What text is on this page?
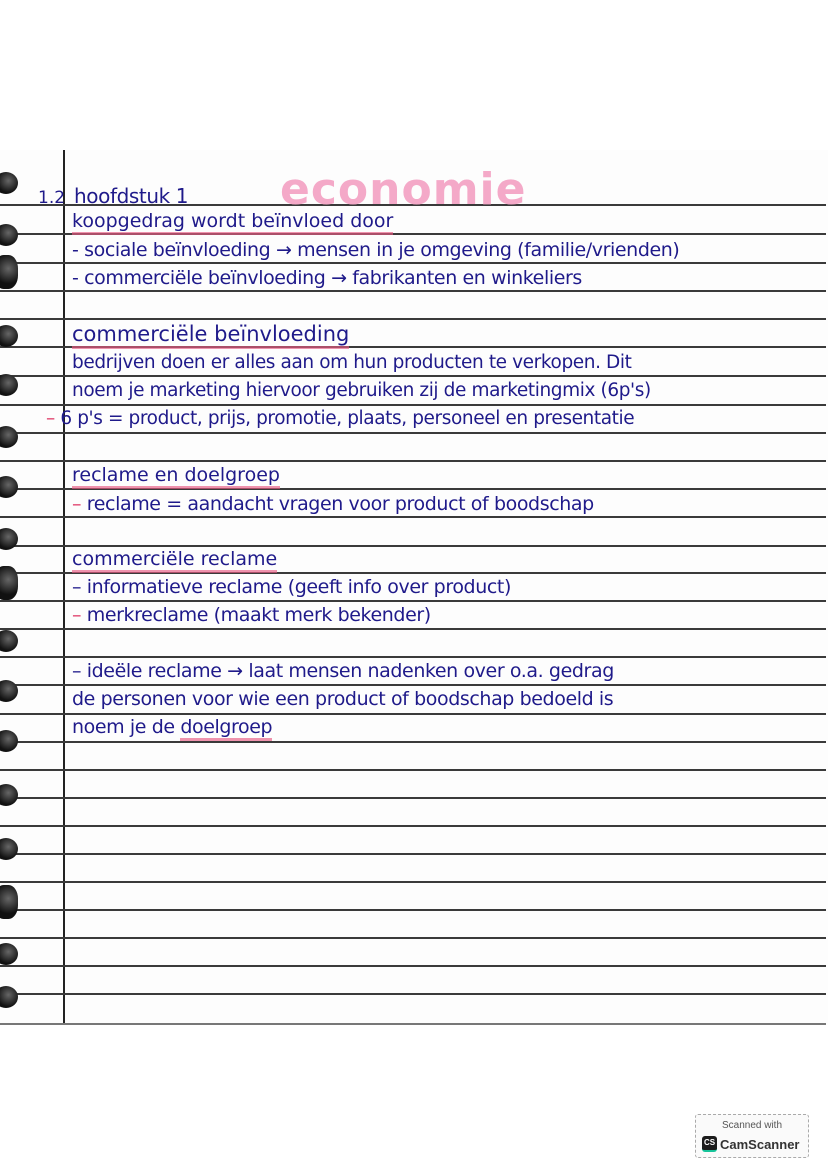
economie
1.2 hoofdstuk 1
koopgedrag wordt beïnvloed door
- sociale beïnvloeding → mensen in je omgeving (familie/vrienden)
- commerciële beïnvloeding → fabrikanten en winkeliers
commerciële beïnvloeding
bedrijven doen er alles aan om hun producten te verkopen. Dit
noem je marketing hiervoor gebruiken zij de marketingmix (6p's)
– 6 p's = product, prijs, promotie, plaats, personeel en presentatie
reclame en doelgroep
– reclame = aandacht vragen voor product of boodschap
commerciële reclame
– informatieve reclame (geeft info over product)
– merkreclame (maakt merk bekender)
– ideële reclame → laat mensen nadenken over o.a. gedrag
de personen voor wie een product of boodschap bedoeld is
noem je de doelgroep
Scanned with
CS CamScanner
